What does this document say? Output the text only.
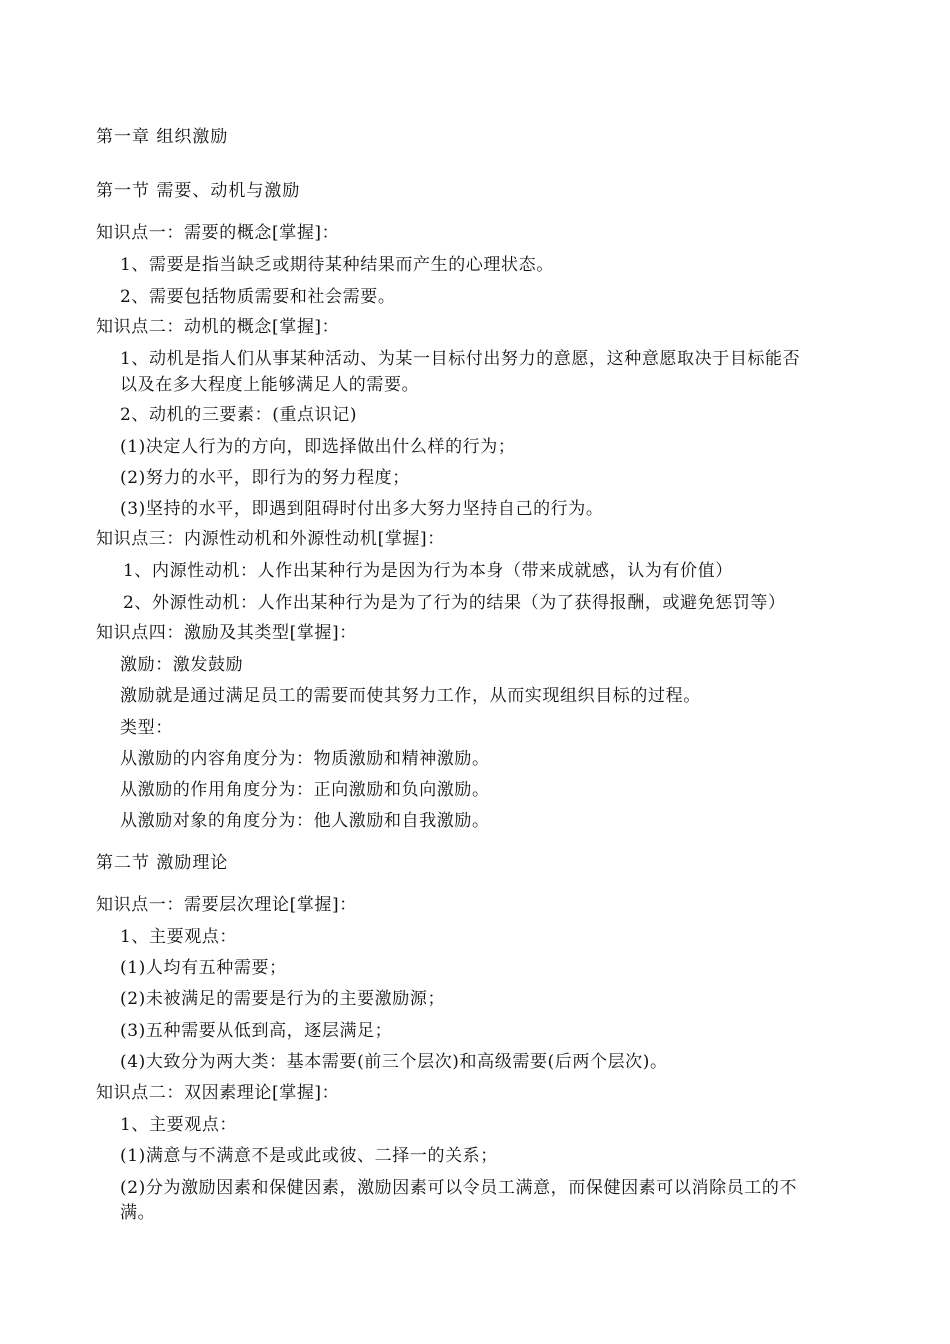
第一章 组织激励

第一节 需要、动机与激励

知识点一：需要的概念[掌握]：

1、需要是指当缺乏或期待某种结果而产生的心理状态。

2、需要包括物质需要和社会需要。

知识点二：动机的概念[掌握]：

1、动机是指人们从事某种活动、为某一目标付出努力的意愿，这种意愿取决于目标能否

以及在多大程度上能够满足人的需要。

2、动机的三要素：(重点识记)

(1)决定人行为的方向，即选择做出什么样的行为；

(2)努力的水平，即行为的努力程度；

(3)坚持的水平，即遇到阻碍时付出多大努力坚持自己的行为。

知识点三：内源性动机和外源性动机[掌握]：

1、内源性动机：人作出某种行为是因为行为本身（带来成就感，认为有价值）

2、外源性动机：人作出某种行为是为了行为的结果（为了获得报酬，或避免惩罚等）

知识点四：激励及其类型[掌握]：

激励：激发鼓励

激励就是通过满足员工的需要而使其努力工作，从而实现组织目标的过程。

类型：

从激励的内容角度分为：物质激励和精神激励。

从激励的作用角度分为：正向激励和负向激励。

从激励对象的角度分为：他人激励和自我激励。

第二节 激励理论

知识点一：需要层次理论[掌握]：

1、主要观点：

(1)人均有五种需要；

(2)未被满足的需要是行为的主要激励源；

(3)五种需要从低到高，逐层满足；

(4)大致分为两大类：基本需要(前三个层次)和高级需要(后两个层次)。

知识点二：双因素理论[掌握]：

1、主要观点：

(1)满意与不满意不是或此或彼、二择一的关系；

(2)分为激励因素和保健因素，激励因素可以令员工满意，而保健因素可以消除员工的不

满。
